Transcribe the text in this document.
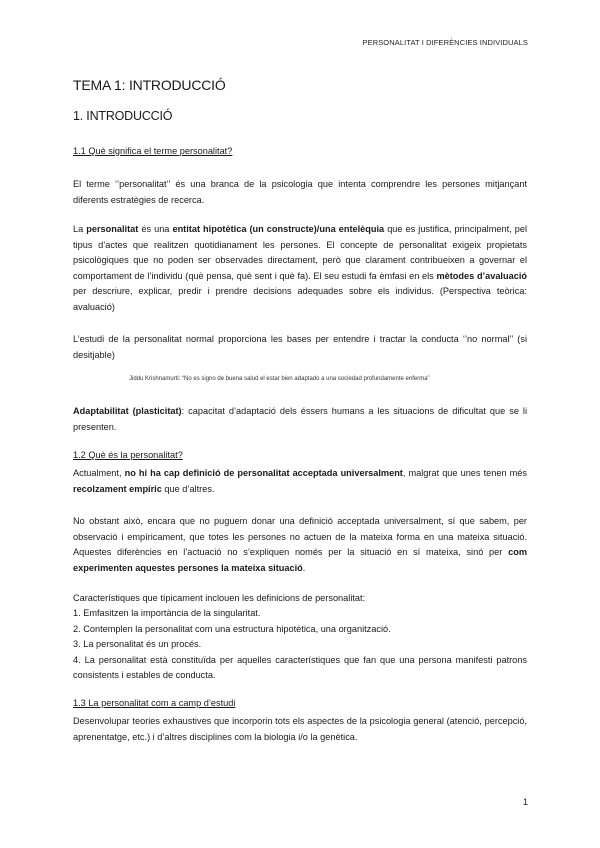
PERSONALITAT I DIFERÈNCIES INDIVIDUALS
TEMA 1: INTRODUCCIÓ
1. INTRODUCCIÓ
1.1 Què significa el terme personalitat?

El terme ‘’personalitat’’ és una branca de la psicologia que intenta comprendre les persones mitjançant diferents estratègies de recerca.

La personalitat és una entitat hipotètica (un constructe)/una entelèquia que es justifica, principalment, pel tipus d’actes que realitzen quotidianament les persones. El concepte de personalitat exigeix propietats psicològiques que no poden ser observades directament, però que clarament contribueixen a governar el comportament de l’individu (què pensa, què sent i què fa). El seu estudi fa èmfasi en els mètodes d’avaluació per descriure, explicar, predir i prendre decisions adequades sobre els individus. (Perspectiva teòrica: avaluació)

L’estudi de la personalitat normal proporciona les bases per entendre i tractar la conducta ‘’no normal’’ (si desitjable)

Jiddu Krishnamurti: “No es signo de buena salud el estar bien adaptado a una sociedad profundamente enferma”

Adaptabilitat (plasticitat): capacitat d’adaptació dels éssers humans a les situacions de dificultat que se li presenten.

1.2 Què és la personalitat?

Actualment, no hi ha cap definició de personalitat acceptada universalment, malgrat que unes tenen més recolzament empíric que d’altres.

No obstant això, encara que no puguem donar una definició acceptada universalment, sí que sabem, per observació i empíricament, que totes les persones no actuen de la mateixa forma en una mateixa situació. Aquestes diferències en l’actuació no s’expliquen només per la situació en sí mateixa, sinó per com experimenten aquestes persones la mateixa situació.

Característiques que típicament inclouen les definicions de personalitat:

1. Emfasitzen la importància de la singularitat.
2. Contemplen la personalitat com una estructura hipotètica, una organització.
3. La personalitat és un procés.
4. La personalitat està constituïda per aquelles característiques que fan que una persona manifesti patrons consistents i estables de conducta.
1.3 La personalitat com a camp d’estudi

Desenvolupar teories exhaustives que incorporin tots els aspectes de la psicologia general (atenció, percepció, aprenentatge, etc.) i d’altres disciplines com la biologia i/o la genètica.

1
